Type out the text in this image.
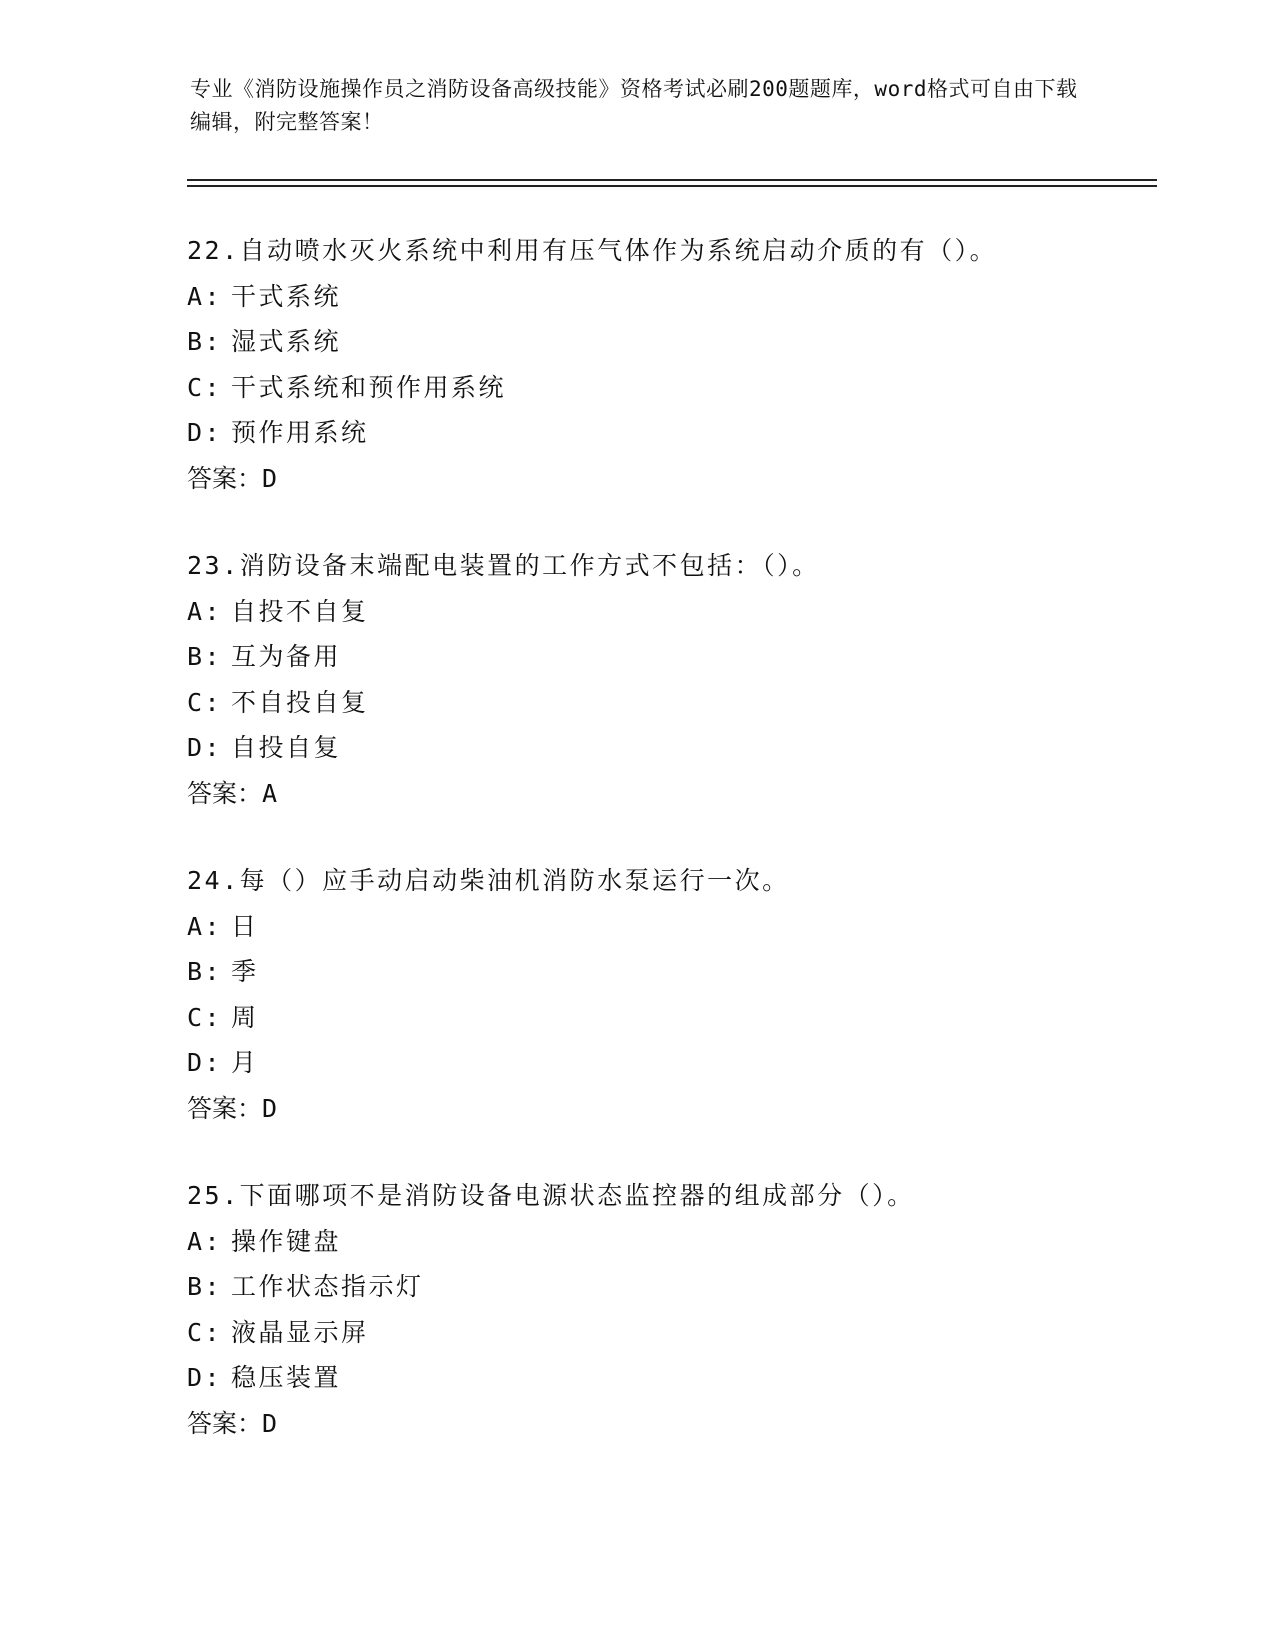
专业《消防设施操作员之消防设备高级技能》资格考试必刷200题题库，word格式可自由下载编辑，附完整答案！
22.自动喷水灭火系统中利用有压气体作为系统启动介质的有（）。
A: 干式系统
B: 湿式系统
C: 干式系统和预作用系统
D: 预作用系统
答案：D
23.消防设备末端配电装置的工作方式不包括：（）。
A: 自投不自复
B: 互为备用
C: 不自投自复
D: 自投自复
答案：A
24.每（）应手动启动柴油机消防水泵运行一次。
A: 日
B: 季
C: 周
D: 月
答案：D
25.下面哪项不是消防设备电源状态监控器的组成部分（）。
A: 操作键盘
B: 工作状态指示灯
C: 液晶显示屏
D: 稳压装置
答案：D
